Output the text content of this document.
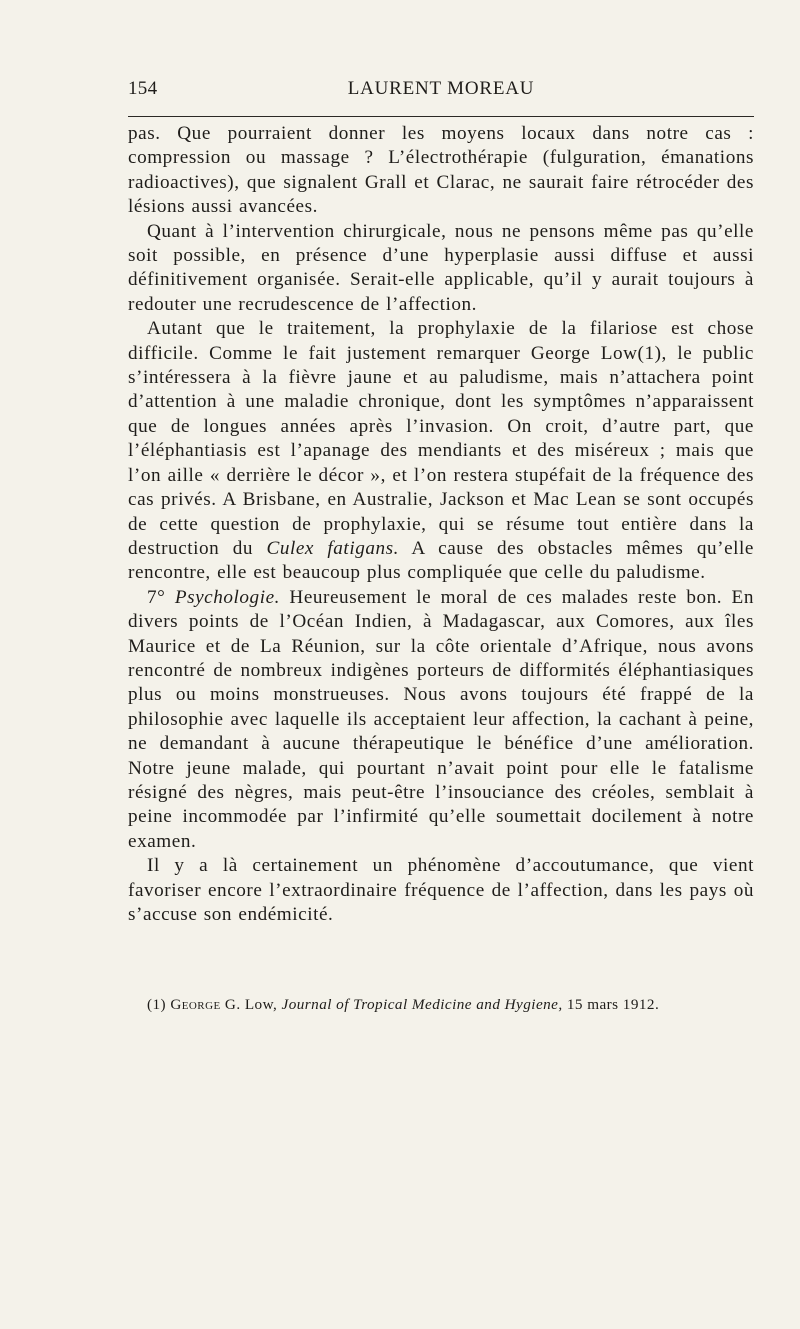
154	LAURENT MOREAU

pas. Que pourraient donner les moyens locaux dans notre cas : compression ou massage ? L’électrothérapie (fulguration, émanations radioactives), que signalent Grall et Clarac, ne saurait faire rétrocéder des lésions aussi avancées.

Quant à l’intervention chirurgicale, nous ne pensons même pas qu’elle soit possible, en présence d’une hyperplasie aussi diffuse et aussi définitivement organisée. Serait-elle applicable, qu’il y aurait toujours à redouter une recrudescence de l’affection.

Autant que le traitement, la prophylaxie de la filariose est chose difficile. Comme le fait justement remarquer George Low(1), le public s’intéressera à la fièvre jaune et au paludisme, mais n’attachera point d’attention à une maladie chronique, dont les symptômes n’apparaissent que de longues années après l’invasion. On croit, d’autre part, que l’éléphantiasis est l’apanage des mendiants et des miséreux ; mais que l’on aille « derrière le décor », et l’on restera stupéfait de la fréquence des cas privés. A Brisbane, en Australie, Jackson et Mac Lean se sont occupés de cette question de prophylaxie, qui se résume tout entière dans la destruction du Culex fatigans. A cause des obstacles mêmes qu’elle rencontre, elle est beaucoup plus compliquée que celle du paludisme.

7° Psychologie. Heureusement le moral de ces malades reste bon. En divers points de l’Océan Indien, à Madagascar, aux Comores, aux îles Maurice et de La Réunion, sur la côte orientale d’Afrique, nous avons rencontré de nombreux indigènes porteurs de difformités éléphantiasiques plus ou moins monstrueuses. Nous avons toujours été frappé de la philosophie avec laquelle ils acceptaient leur affection, la cachant à peine, ne demandant à aucune thérapeutique le bénéfice d’une amélioration. Notre jeune malade, qui pourtant n’avait point pour elle le fatalisme résigné des nègres, mais peut-être l’insouciance des créoles, semblait à peine incommodée par l’infirmité qu’elle soumettait docilement à notre examen.

Il y a là certainement un phénomène d’accoutumance, que vient favoriser encore l’extraordinaire fréquence de l’affection, dans les pays où s’accuse son endémicité.

(1) George G. Low, Journal of Tropical Medicine and Hygiene, 15 mars 1912.
